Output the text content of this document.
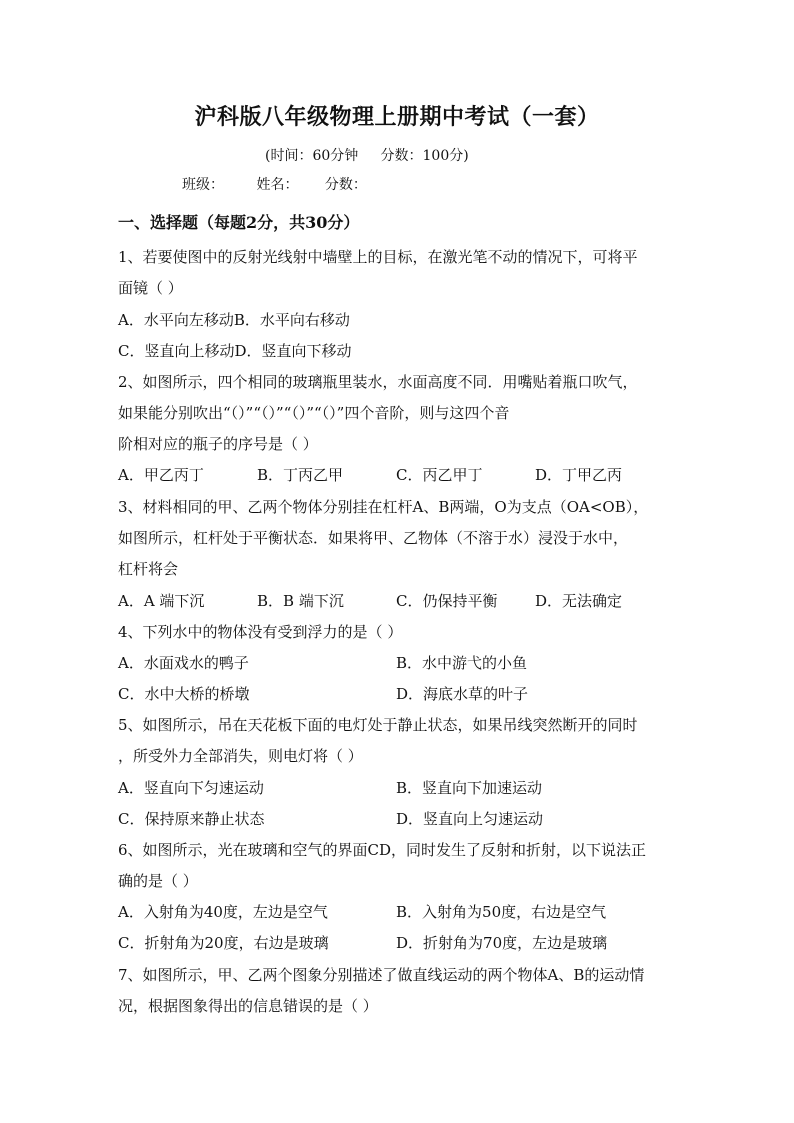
沪科版八年级物理上册期中考试（一套）
(时间：60分钟     分数：100分)
班级： 姓名： 分数：
一、选择题（每题2分，共30分）
1、若要使图中的反射光线射中墙壁上的目标，在激光笔不动的情况下，可将平
面镜（ ）
A．水平向左移动B．水平向右移动
C．竖直向上移动D．竖直向下移动
2、如图所示，四个相同的玻璃瓶里装水，水面高度不同．用嘴贴着瓶口吹气，
如果能分别吹出“（）”“（）”“（）”“（）”四个音阶，则与这四个音
阶相对应的瓶子的序号是（ ）
A．甲乙丙丁	B．丁丙乙甲	C．丙乙甲丁	D．丁甲乙丙
3、材料相同的甲、乙两个物体分别挂在杠杆A、B两端，O为支点（OA<OB），
如图所示，杠杆处于平衡状态．如果将甲、乙物体（不溶于水）浸没于水中，
杠杆将会
A．A 端下沉	B．B 端下沉	C．仍保持平衡	D．无法确定
4、下列水中的物体没有受到浮力的是（ ）
A．水面戏水的鸭子	B．水中游弋的小鱼
C．水中大桥的桥墩	D．海底水草的叶子
5、如图所示，吊在天花板下面的电灯处于静止状态，如果吊线突然断开的同时
，所受外力全部消失，则电灯将（ ）
A．竖直向下匀速运动	B．竖直向下加速运动
C．保持原来静止状态	D．竖直向上匀速运动
6、如图所示，光在玻璃和空气的界面CD，同时发生了反射和折射，以下说法正
确的是（ ）
A．入射角为40度，左边是空气	B．入射角为50度，右边是空气
C．折射角为20度，右边是玻璃	D．折射角为70度，左边是玻璃
7、如图所示，甲、乙两个图象分别描述了做直线运动的两个物体A、B的运动情
况，根据图象得出的信息错误的是（ ）
